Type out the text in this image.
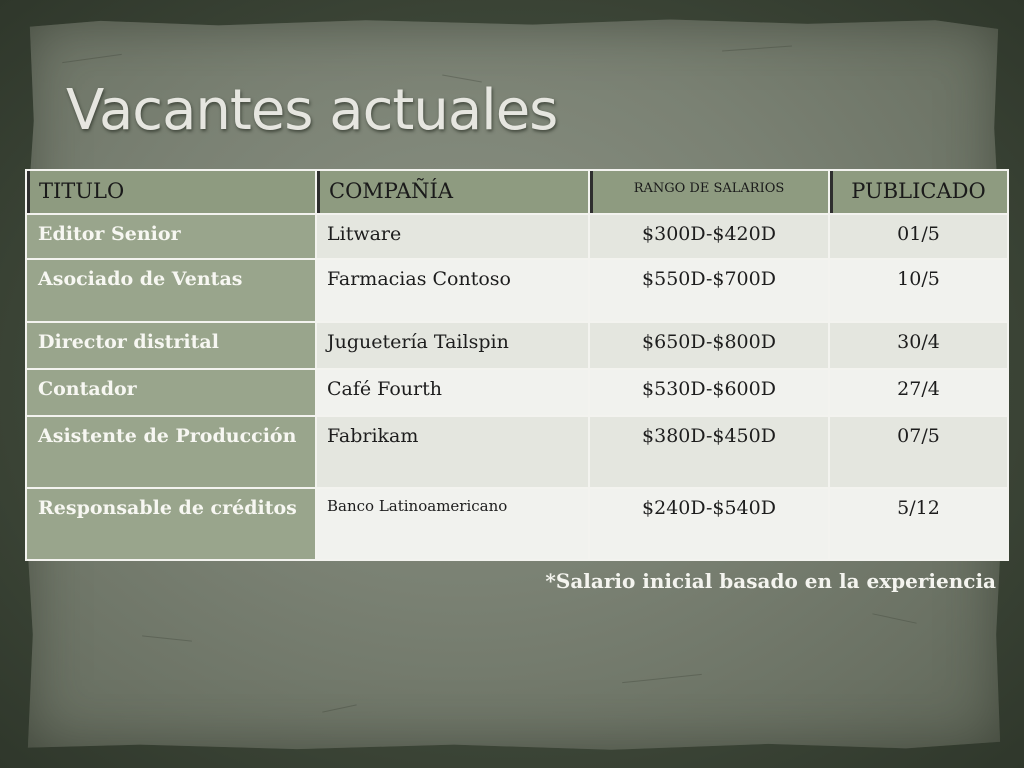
Vacantes actuales
TITULO	COMPAÑÍA	RANGO DE SALARIOS	PUBLICADO
Editor Senior	Litware	$300D-$420D	01/5
Asociado de Ventas	Farmacias Contoso	$550D-$700D	10/5
Director distrital	Juguetería Tailspin	$650D-$800D	30/4
Contador	Café Fourth	$530D-$600D	27/4
Asistente de Producción	Fabrikam	$380D-$450D	07/5
Responsable de créditos	Banco Latinoamericano	$240D-$540D	5/12

*Salario inicial basado en la experiencia
